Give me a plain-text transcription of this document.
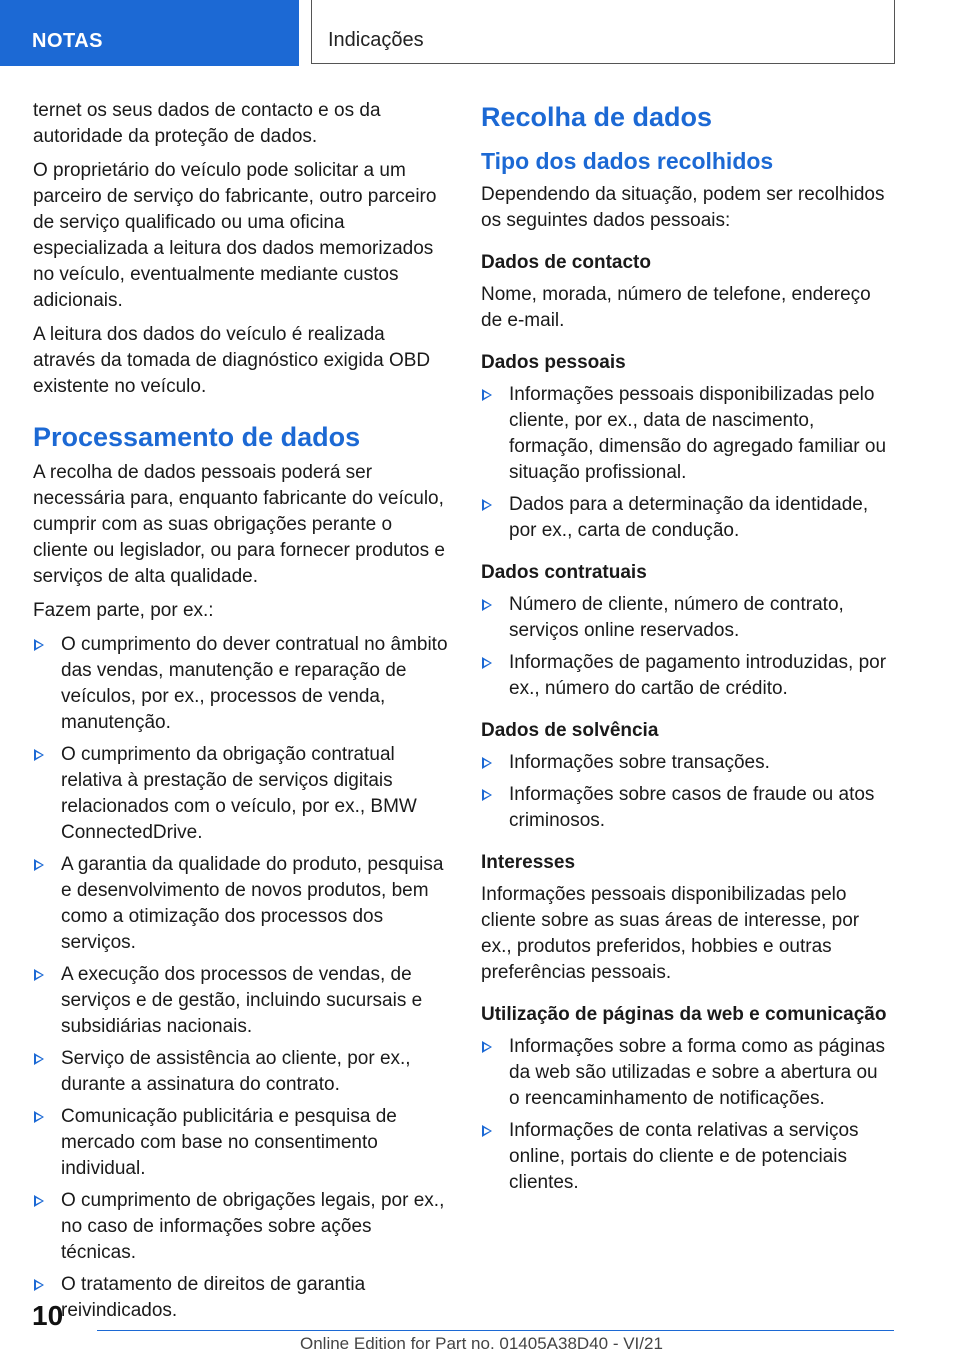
NOTAS	Indicações

ternet os seus dados de contacto e os da autoridade da proteção de dados.

O proprietário do veículo pode solicitar a um parceiro de serviço do fabricante, outro parceiro de serviço qualificado ou uma oficina especializada a leitura dos dados memorizados no veículo, eventualmente mediante custos adicionais.

A leitura dos dados do veículo é realizada através da tomada de diagnóstico exigida OBD existente no veículo.

Processamento de dados

A recolha de dados pessoais poderá ser necessária para, enquanto fabricante do veículo, cumprir com as suas obrigações perante o cliente ou legislador, ou para fornecer produtos e serviços de alta qualidade.

Fazem parte, por ex.:

O cumprimento do dever contratual no âmbito das vendas, manutenção e reparação de veículos, por ex., processos de venda, manutenção.
O cumprimento da obrigação contratual relativa à prestação de serviços digitais relacionados com o veículo, por ex., BMW ConnectedDrive.
A garantia da qualidade do produto, pesquisa e desenvolvimento de novos produtos, bem como a otimização dos processos dos serviços.
A execução dos processos de vendas, de serviços e de gestão, incluindo sucursais e subsidiárias nacionais.
Serviço de assistência ao cliente, por ex., durante a assinatura do contrato.
Comunicação publicitária e pesquisa de mercado com base no consentimento individual.
O cumprimento de obrigações legais, por ex., no caso de informações sobre ações técnicas.
O tratamento de direitos de garantia reivindicados.
Recolha de dados
Tipo dos dados recolhidos

Dependendo da situação, podem ser recolhidos os seguintes dados pessoais:

Dados de contacto

Nome, morada, número de telefone, endereço de e-mail.

Dados pessoais
Informações pessoais disponibilizadas pelo cliente, por ex., data de nascimento, formação, dimensão do agregado familiar ou situação profissional.
Dados para a determinação da identidade, por ex., carta de condução.
Dados contratuais
Número de cliente, número de contrato, serviços online reservados.
Informações de pagamento introduzidas, por ex., número do cartão de crédito.
Dados de solvência
Informações sobre transações.
Informações sobre casos de fraude ou atos criminosos.
Interesses

Informações pessoais disponibilizadas pelo cliente sobre as suas áreas de interesse, por ex., produtos preferidos, hobbies e outras preferências pessoais.

Utilização de páginas da web e comunicação
Informações sobre a forma como as páginas da web são utilizadas e sobre a abertura ou o reencaminhamento de notificações.
Informações de conta relativas a serviços online, portais do cliente e de potenciais clientes.
10
Online Edition for Part no. 01405A38D40 - VI/21
